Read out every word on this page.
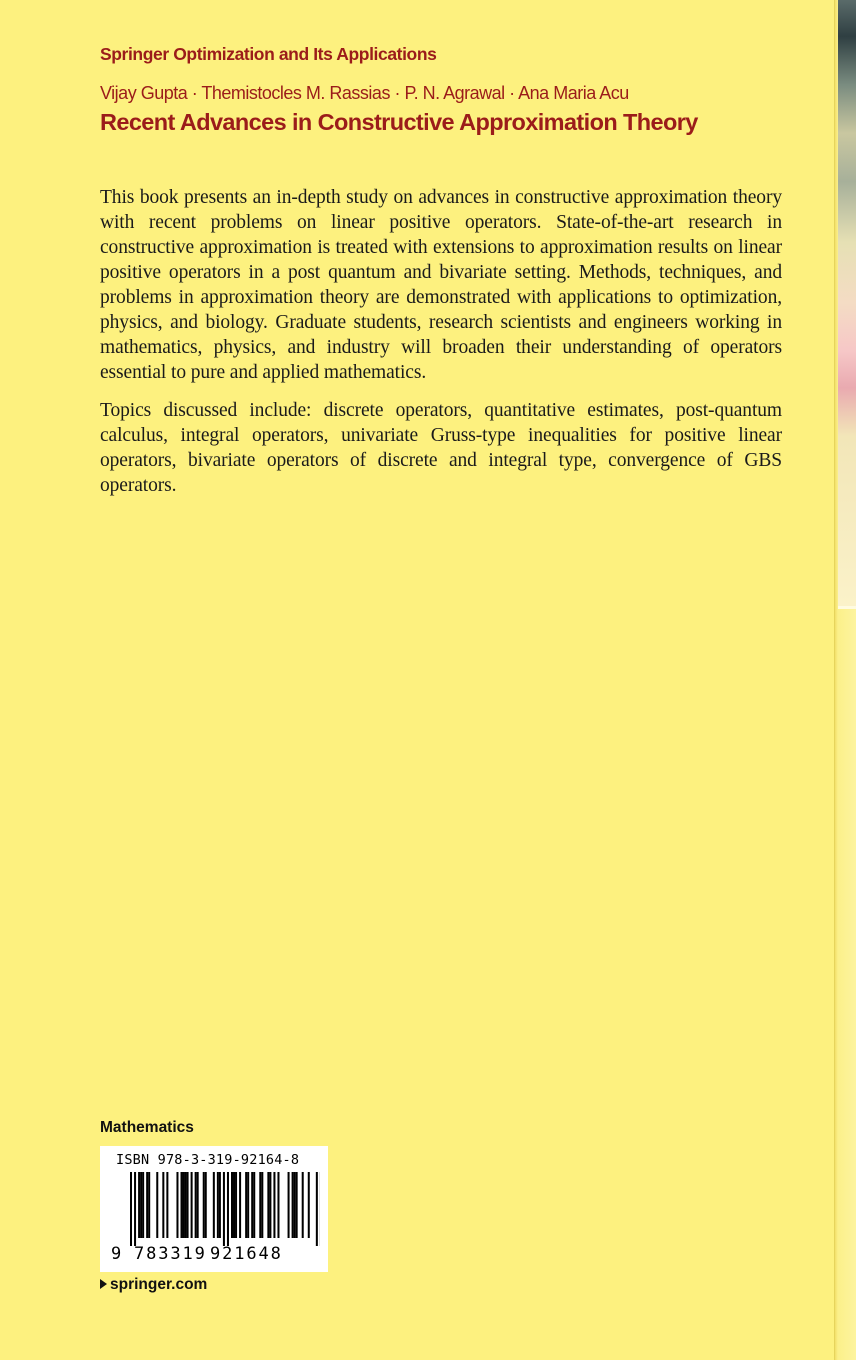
Springer Optimization and Its Applications
Vijay Gupta · Themistocles M. Rassias · P. N. Agrawal · Ana Maria Acu
Recent Advances in Constructive Approximation Theory

This book presents an in-depth study on advances in constructive approximation theory with recent problems on linear positive operators. State-of-the-art research in constructive approximation is treated with extensions to approximation results on linear positive operators in a post quantum and bivariate setting. Methods, techniques, and problems in approximation theory are demonstrated with applications to optimization, physics, and biology. Graduate students, research scientists and engineers working in mathematics, physics, and industry will broaden their understanding of operators essential to pure and applied mathematics.

Topics discussed include: discrete operators, quantitative estimates, post-quantum calculus, integral operators, univariate Gruss-type inequalities for positive linear operators, bivariate operators of discrete and integral type, convergence of GBS operators.

Mathematics
ISBN 978-3-319-92164-8
9 783319 921648
springer.com
